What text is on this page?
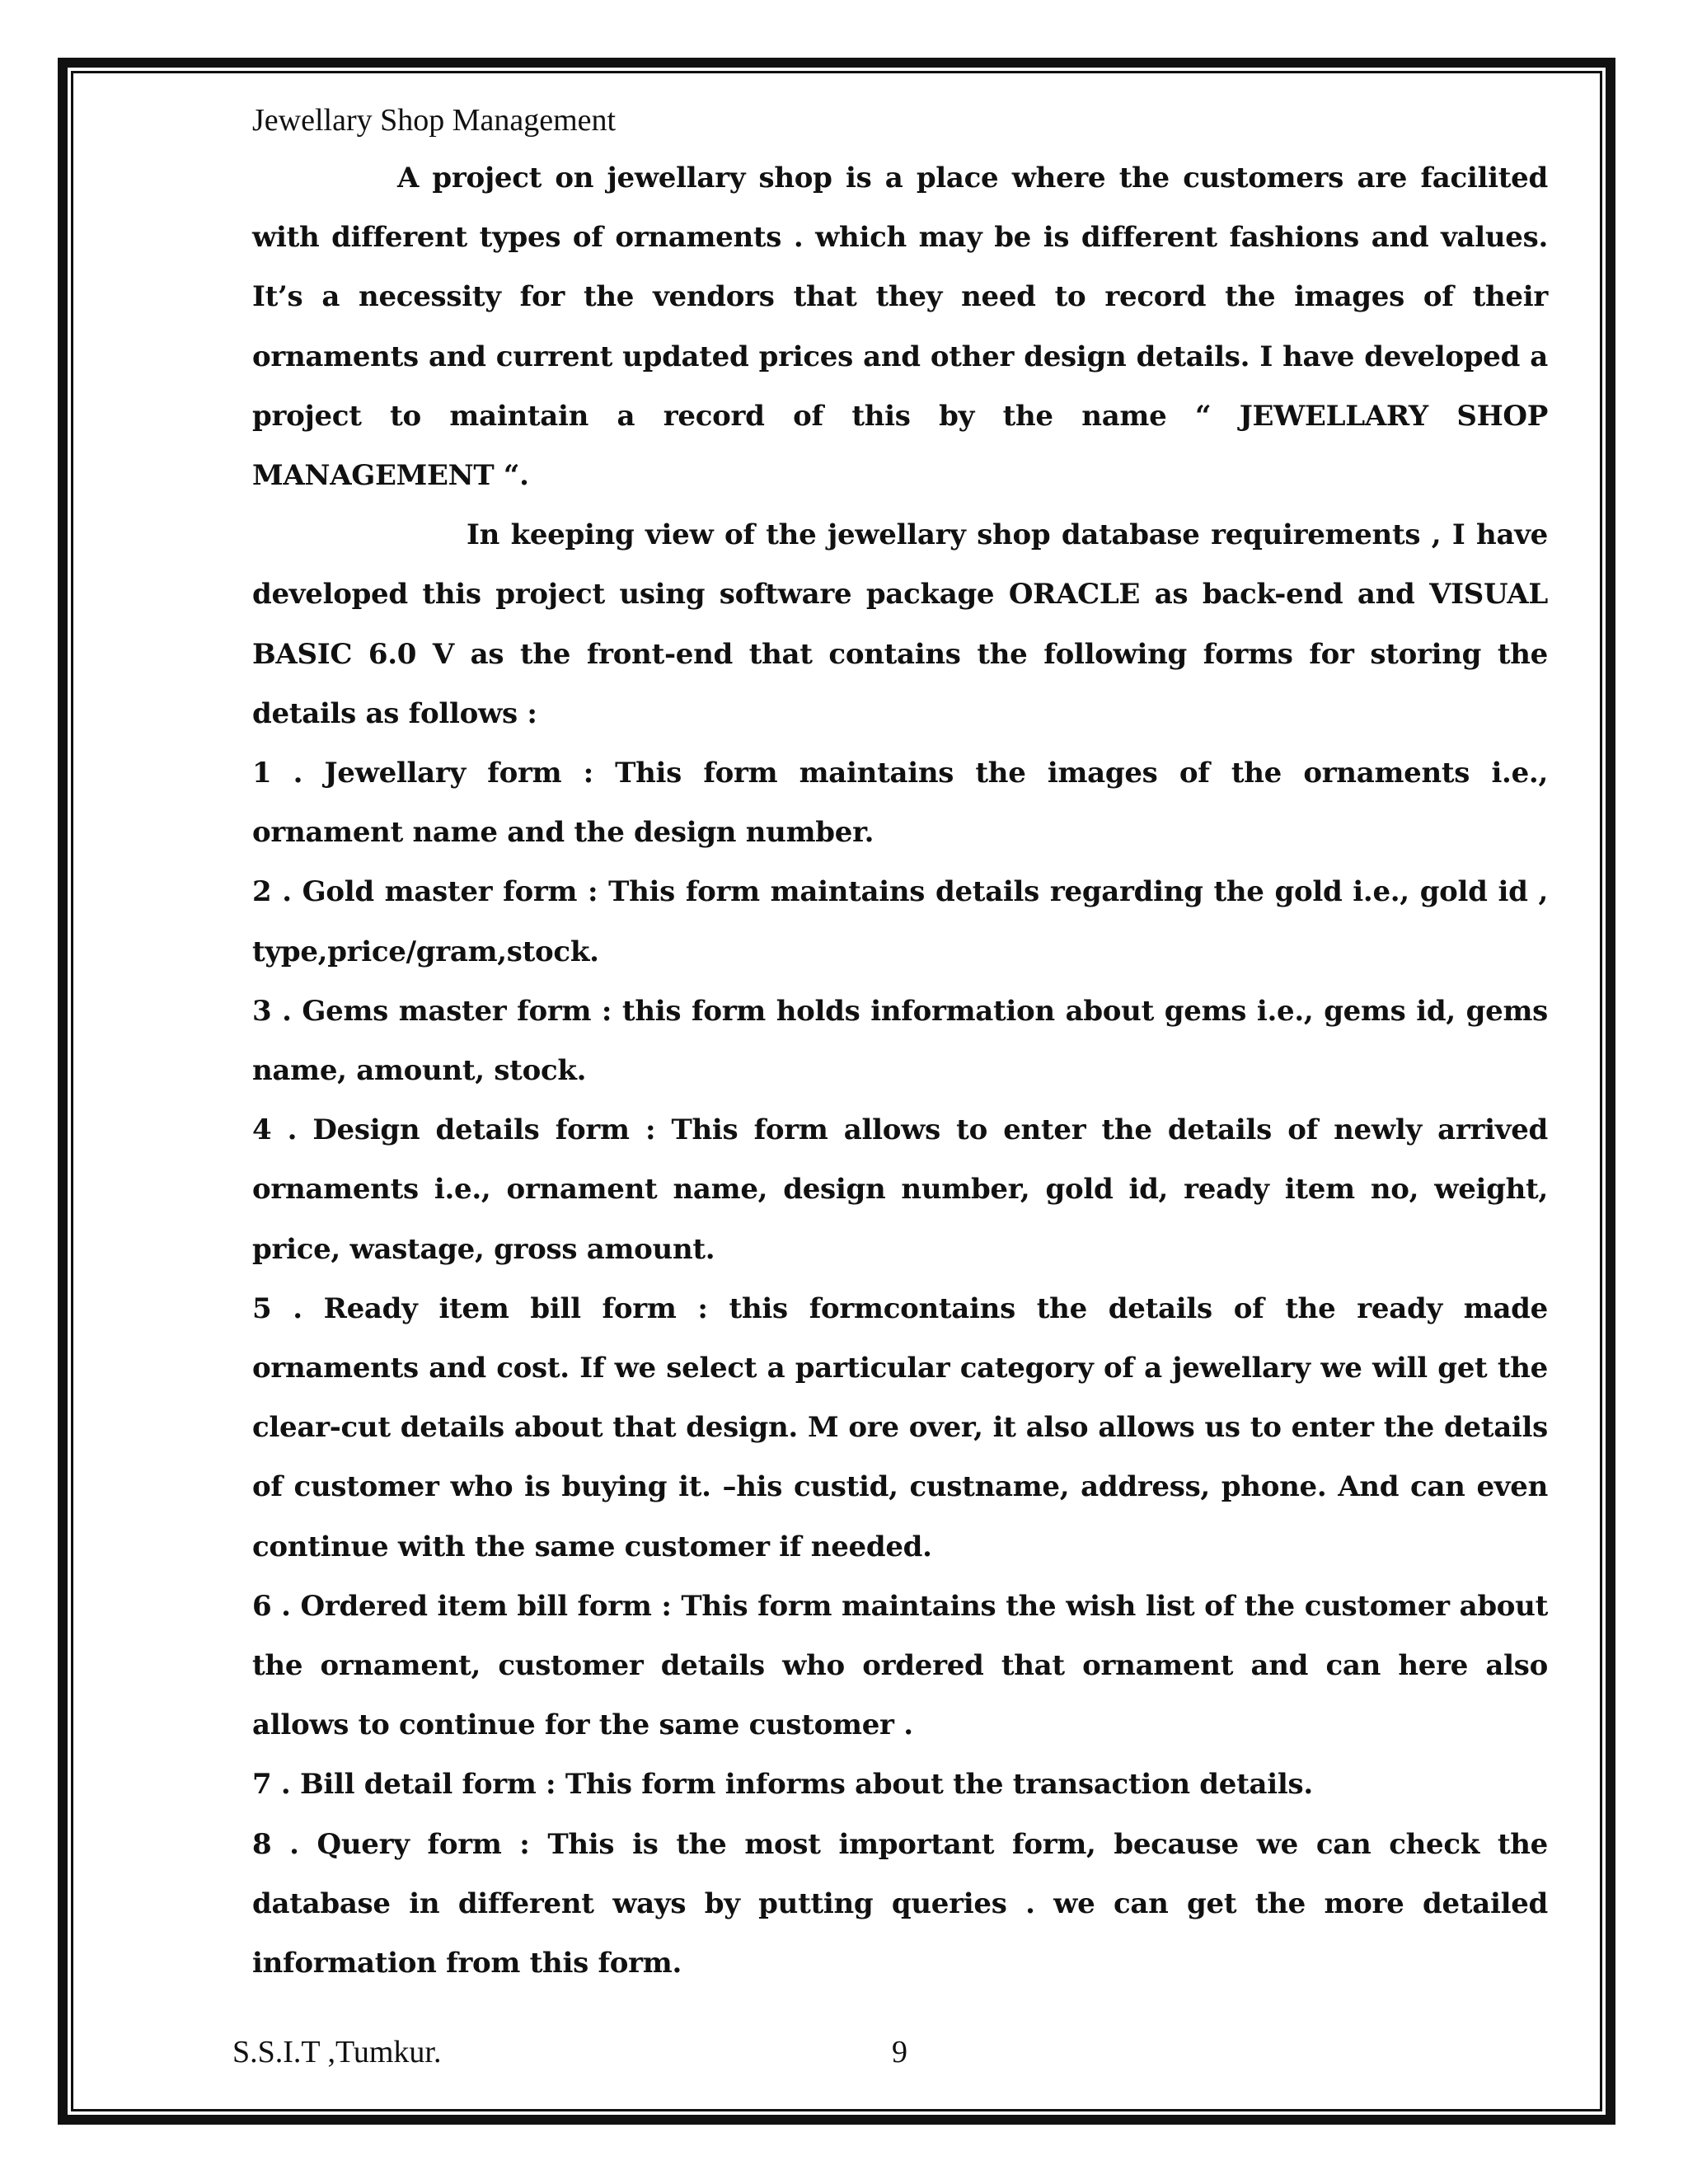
Jewellary Shop Management

A project on jewellary shop is a place where the customers are facilited with different types of ornaments . which may be is different fashions and values. It’s a necessity for the vendors that they need to record the images of their ornaments and current updated prices and other design details. I have developed a project to maintain a record of this by the name “ JEWELLARY SHOP MANAGEMENT “.

In keeping view of the jewellary shop database requirements , I have developed this project using software package ORACLE as back-end and VISUAL BASIC 6.0 V as the front-end that contains the following forms for storing the details as follows :

1 . Jewellary form : This form maintains the images of the ornaments i.e., ornament name and the design number.

2 . Gold master form : This form maintains details regarding the gold i.e., gold id , type,price/gram,stock.

3 . Gems master form : this form holds information about gems i.e., gems id, gems name, amount, stock.

4 . Design details form : This form allows to enter the details of newly arrived ornaments i.e., ornament name, design number, gold id, ready item no, weight, price, wastage, gross amount.

5 . Ready item bill form : this formcontains the details of the ready made ornaments and cost. If we select a particular category of a jewellary we will get the clear-cut details about that design. M ore over, it also allows us to enter the details of customer who is buying it. –his custid, custname, address, phone. And can even continue with the same customer if needed.

6 . Ordered item bill form : This form maintains the wish list of the customer about the ornament, customer details who ordered that ornament and can here also allows to continue for the same customer .

7 . Bill detail form : This form informs about the transaction details.

8 . Query form : This is the most important form, because we can check the database in different ways by putting queries . we can get the more detailed information from this form.

S.S.I.T ,Tumkur.	9
